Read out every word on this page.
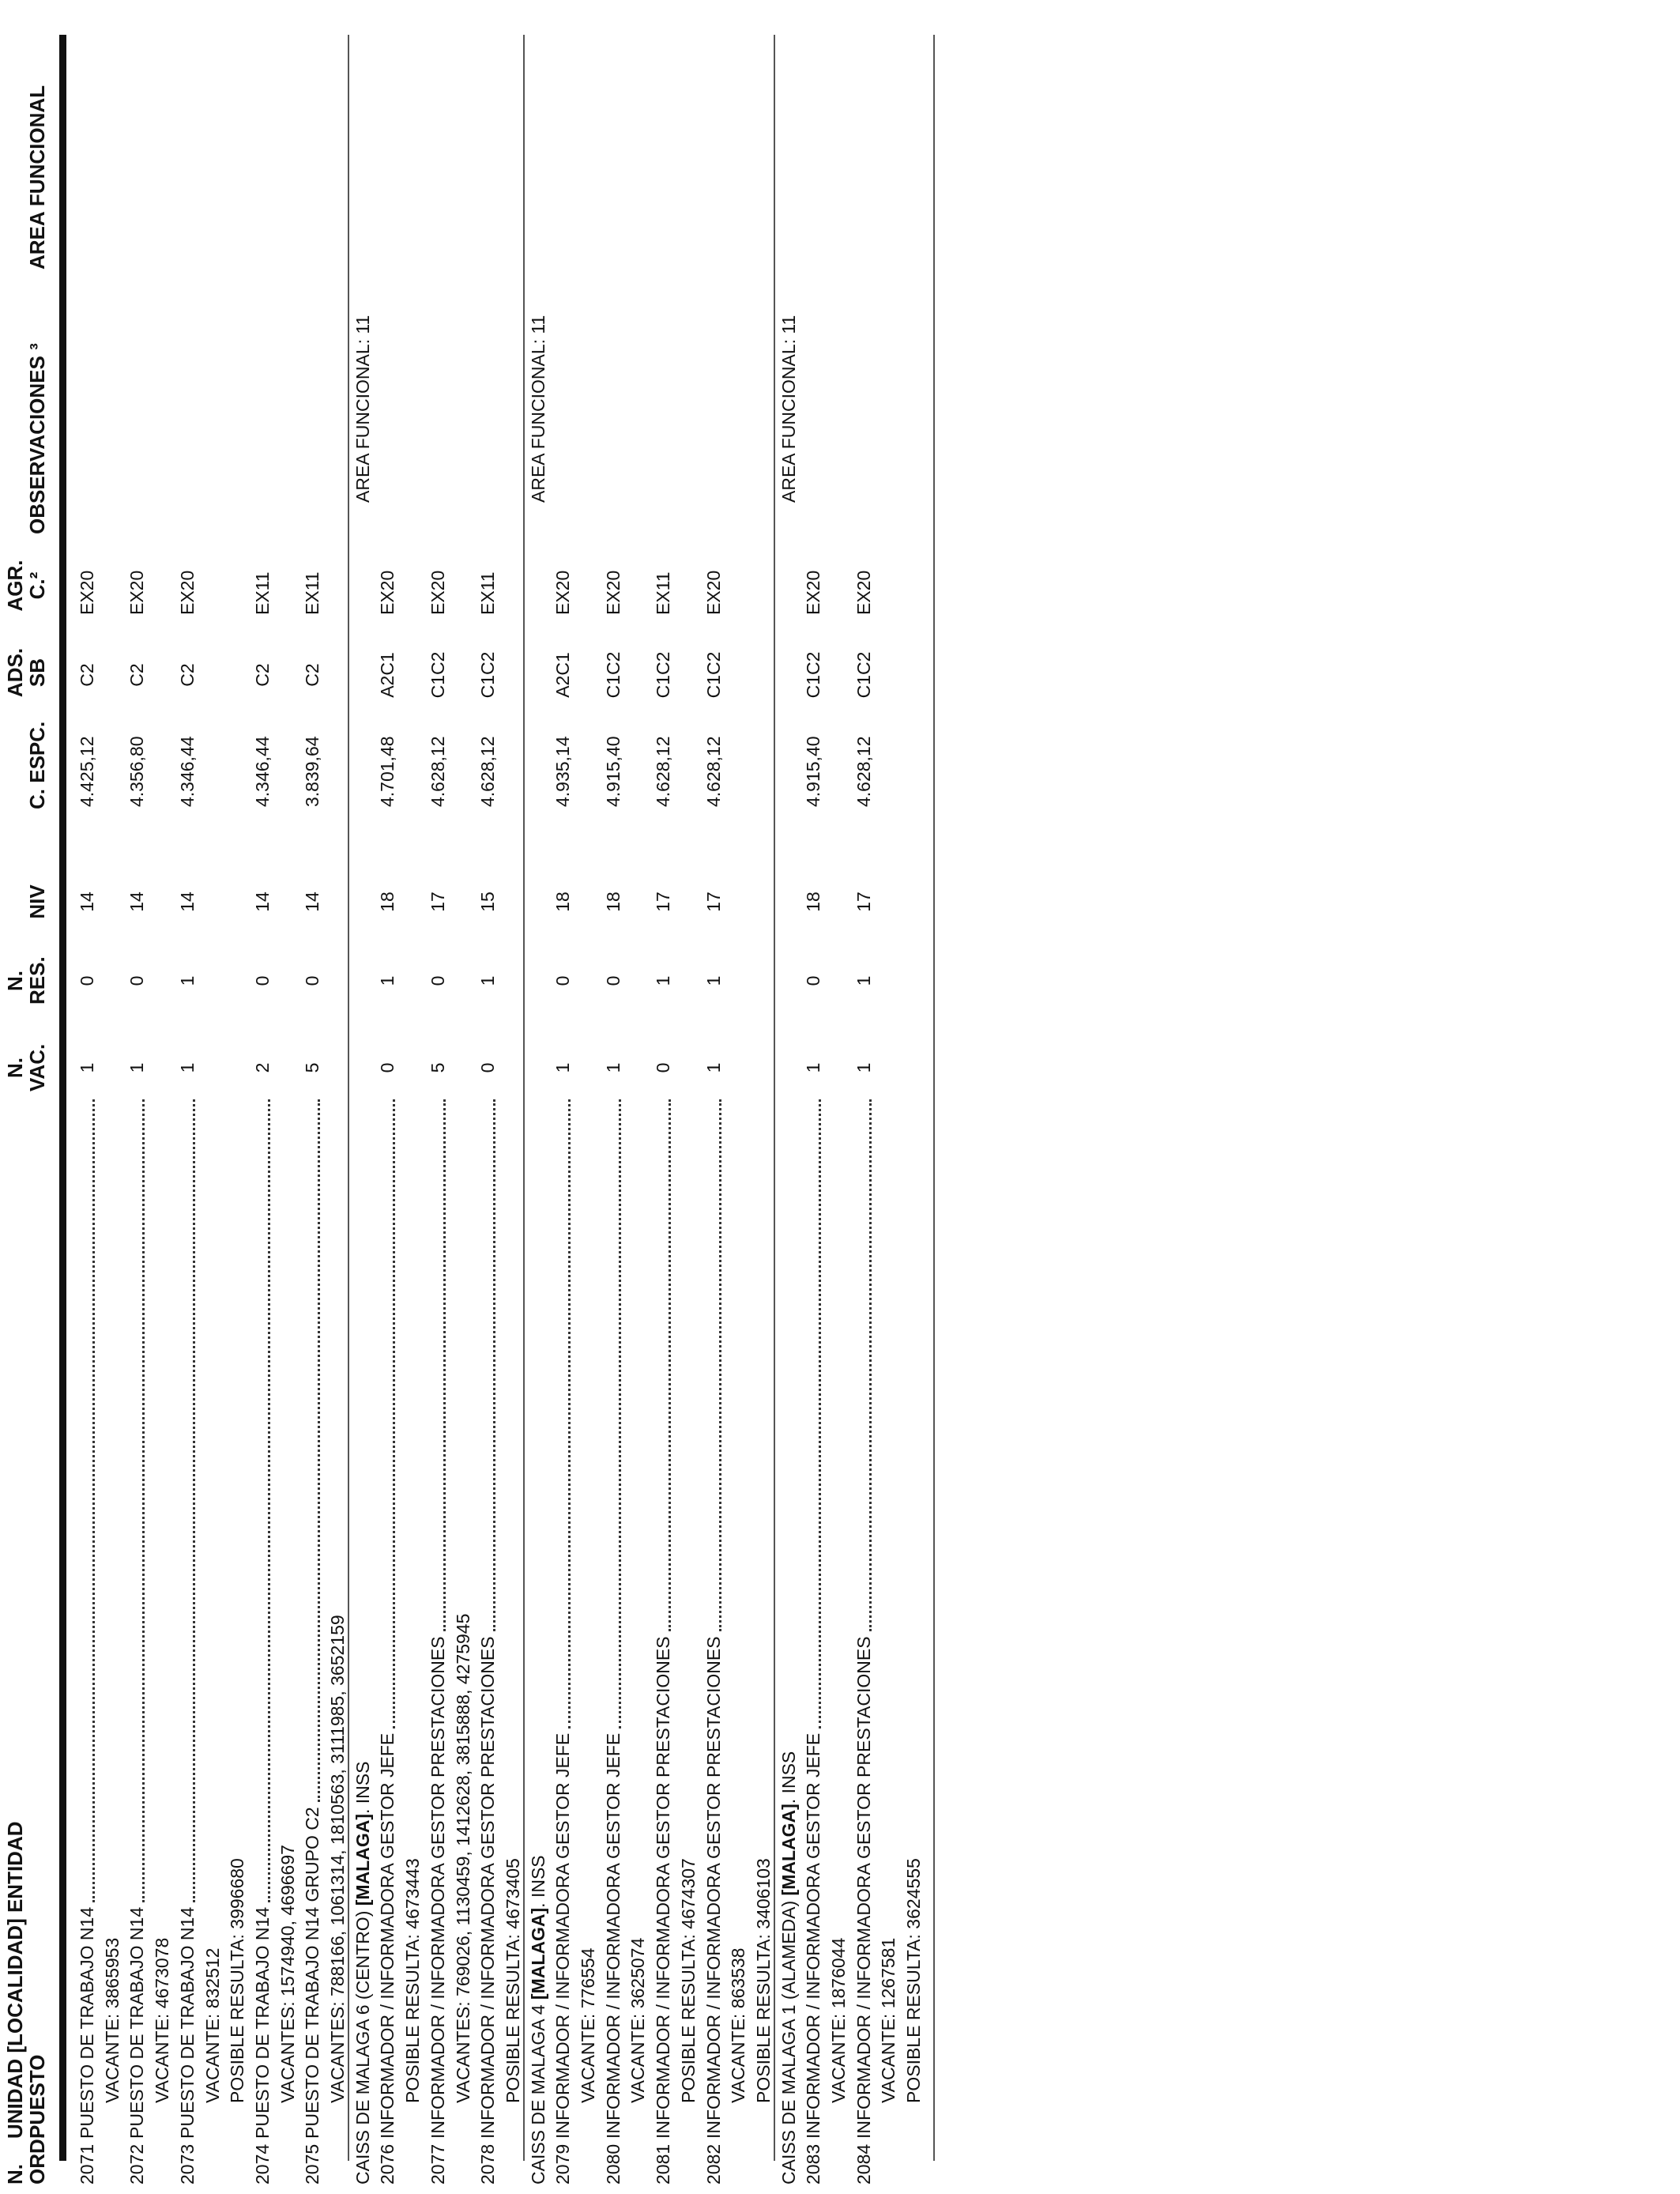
N.
ORD.
UNIDAD [LOCALIDAD] ENTIDAD
PUESTO
N.
VAC.
N.
RES.
NIV
C. ESPC.
ADS.
SB
AGR.
C.²
OBSERVACIONES ³
AREA FUNCIONAL
2071
PUESTO DE TRABAJO N14
1
0
14
4.425,12
C2
EX20
VACANTE: 3865953
2072
PUESTO DE TRABAJO N14
1
0
14
4.356,80
C2
EX20
VACANTE: 4673078
2073
PUESTO DE TRABAJO N14
1
1
14
4.346,44
C2
EX20
VACANTE: 832512 POSIBLE RESULTA: 3996680
2074
PUESTO DE TRABAJO N14
2
0
14
4.346,44
C2
EX11
VACANTES: 1574940, 4696697
2075
PUESTO DE TRABAJO N14 GRUPO C2
5
0
14
3.839,64
C2
EX11
VACANTES: 788166, 1061314, 1810563, 3111985, 3652159 CAISS DE MALAGA 6 (CENTRO) [MALAGA]. INSS
AREA FUNCIONAL: 11
2076
INFORMADOR / INFORMADORA GESTOR JEFE
0
1
18
4.701,48
A2C1
EX20
POSIBLE RESULTA: 4673443
2077
INFORMADOR / INFORMADORA GESTOR PRESTACIONES
5
0
17
4.628,12
C1C2
EX20
VACANTES: 769026, 1130459, 1412628, 3815888, 4275945
2078
INFORMADOR / INFORMADORA GESTOR PRESTACIONES
0
1
15
4.628,12
C1C2
EX11
POSIBLE RESULTA: 4673405 CAISS DE MALAGA 4 [MALAGA]. INSS
AREA FUNCIONAL: 11
2079
INFORMADOR / INFORMADORA GESTOR JEFE
1
0
18
4.935,14
A2C1
EX20
VACANTE: 776554
2080
INFORMADOR / INFORMADORA GESTOR JEFE
1
0
18
4.915,40
C1C2
EX20
VACANTE: 3625074
2081
INFORMADOR / INFORMADORA GESTOR PRESTACIONES
0
1
17
4.628,12
C1C2
EX11
POSIBLE RESULTA: 4674307
2082
INFORMADOR / INFORMADORA GESTOR PRESTACIONES
1
1
17
4.628,12
C1C2
EX20
VACANTE: 863538 POSIBLE RESULTA: 3406103 CAISS DE MALAGA 1 (ALAMEDA) [MALAGA]. INSS
AREA FUNCIONAL: 11
2083
INFORMADOR / INFORMADORA GESTOR JEFE
1
0
18
4.915,40
C1C2
EX20
VACANTE: 1876044
2084
INFORMADOR / INFORMADORA GESTOR PRESTACIONES
1
1
17
4.628,12
C1C2
EX20
VACANTE: 1267581 POSIBLE RESULTA: 3624555
